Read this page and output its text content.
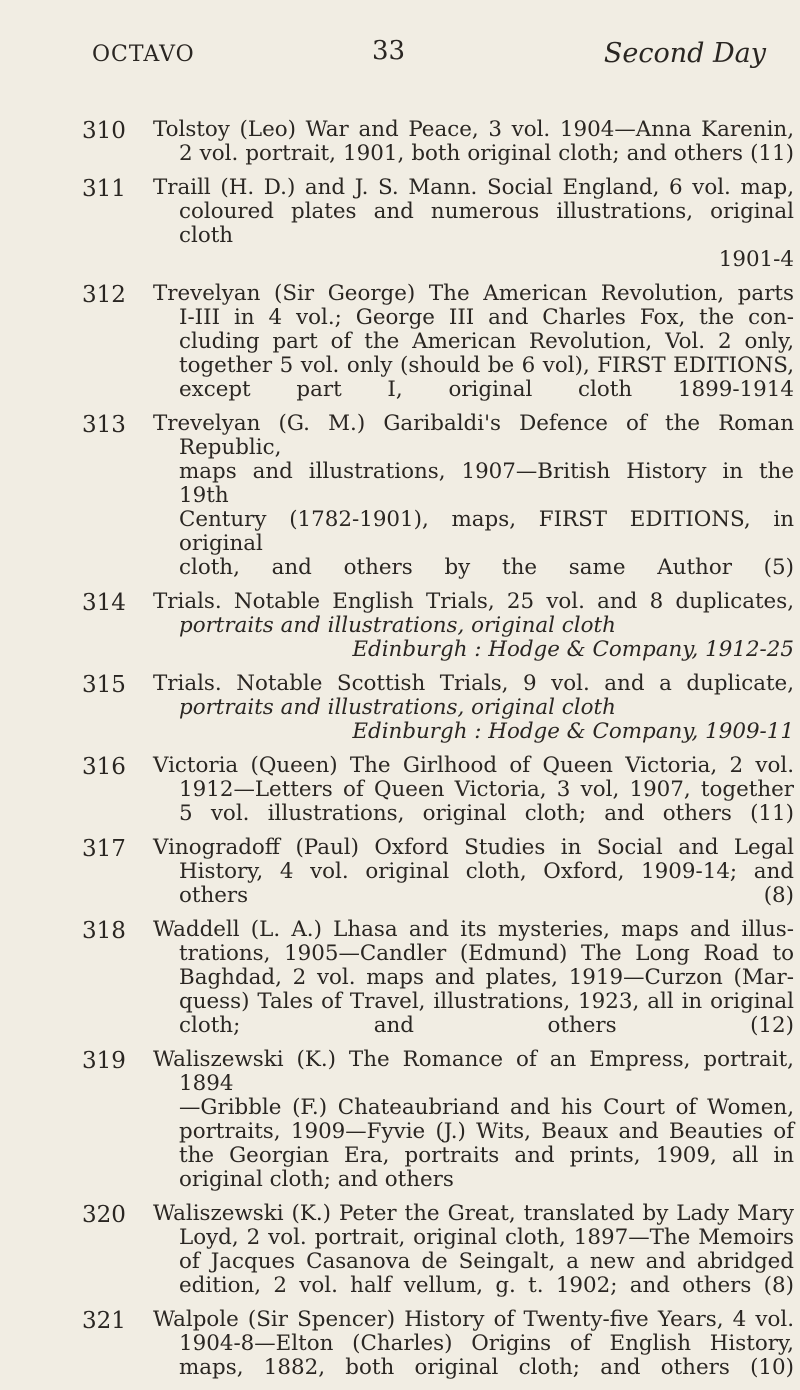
OCTAVO	33	Second Day
310 Tolstoy (Leo) War and Peace, 3 vol. 1904—Anna Karenin,
2 vol. portrait, 1901, both original cloth; and others (11)
311 Traill (H. D.) and J. S. Mann. Social England, 6 vol. map,
coloured plates and numerous illustrations, original cloth
1901-4
312 Trevelyan (Sir George) The American Revolution, parts
I-III in 4 vol.; George III and Charles Fox, the con-
cluding part of the American Revolution, Vol. 2 only,
together 5 vol. only (should be 6 vol), FIRST EDITIONS,
except part I, original cloth 1899-1914
313 Trevelyan (G. M.) Garibaldi's Defence of the Roman Republic,
maps and illustrations, 1907—British History in the 19th
Century (1782-1901), maps, FIRST EDITIONS, in original
cloth, and others by the same Author (5)
314 Trials. Notable English Trials, 25 vol. and 8 duplicates,
portraits and illustrations, original cloth
Edinburgh : Hodge & Company, 1912-25
315 Trials. Notable Scottish Trials, 9 vol. and a duplicate,
portraits and illustrations, original cloth
Edinburgh : Hodge & Company, 1909-11
316 Victoria (Queen) The Girlhood of Queen Victoria, 2 vol.
1912—Letters of Queen Victoria, 3 vol, 1907, together
5 vol. illustrations, original cloth; and others (11)
317 Vinogradoff (Paul) Oxford Studies in Social and Legal
History, 4 vol. original cloth, Oxford, 1909-14; and
others (8)
318 Waddell (L. A.) Lhasa and its mysteries, maps and illus-
trations, 1905—Candler (Edmund) The Long Road to
Baghdad, 2 vol. maps and plates, 1919—Curzon (Mar-
quess) Tales of Travel, illustrations, 1923, all in original
cloth; and others (12)
319 Waliszewski (K.) The Romance of an Empress, portrait, 1894
—Gribble (F.) Chateaubriand and his Court of Women,
portraits, 1909—Fyvie (J.) Wits, Beaux and Beauties of
the Georgian Era, portraits and prints, 1909, all in
original cloth; and others
320 Waliszewski (K.) Peter the Great, translated by Lady Mary
Loyd, 2 vol. portrait, original cloth, 1897—The Memoirs
of Jacques Casanova de Seingalt, a new and abridged
edition, 2 vol. half vellum, g. t. 1902; and others (8)
321 Walpole (Sir Spencer) History of Twenty-five Years, 4 vol.
1904-8—Elton (Charles) Origins of English History,
maps, 1882, both original cloth; and others (10)
